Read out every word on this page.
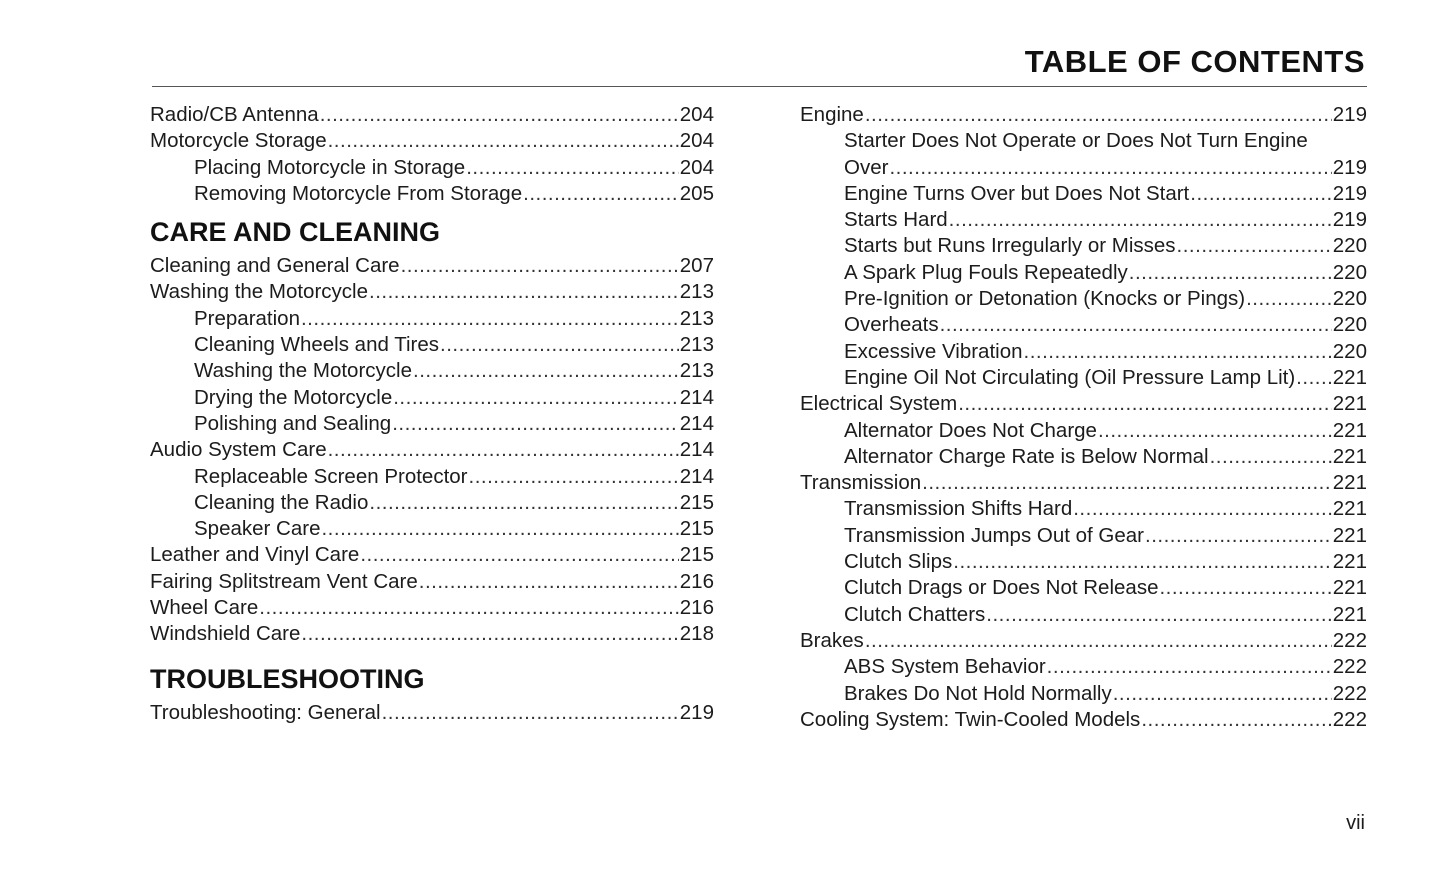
TABLE OF CONTENTS
Radio/CB Antenna .....	204
Motorcycle Storage .....	204
Placing Motorcycle in Storage .....	204
Removing Motorcycle From Storage .....	205
CARE AND CLEANING
Cleaning and General Care .....	207
Washing the Motorcycle .....	213
Preparation .....	213
Cleaning Wheels and Tires .....	213
Washing the Motorcycle .....	213
Drying the Motorcycle .....	214
Polishing and Sealing .....	214
Audio System Care .....	214
Replaceable Screen Protector .....	214
Cleaning the Radio .....	215
Speaker Care .....	215
Leather and Vinyl Care .....	215
Fairing Splitstream Vent Care .....	216
Wheel Care .....	216
Windshield Care .....	218
TROUBLESHOOTING
Troubleshooting: General .....	219
Engine .....	219
Starter Does Not Operate or Does Not Turn Engine
Over .....	219
Engine Turns Over but Does Not Start .....	219
Starts Hard .....	219
Starts but Runs Irregularly or Misses .....	220
A Spark Plug Fouls Repeatedly .....	220
Pre-Ignition or Detonation (Knocks or Pings) .....	220
Overheats .....	220
Excessive Vibration .....	220
Engine Oil Not Circulating (Oil Pressure Lamp Lit) ..... 221
Electrical System .....	221
Alternator Does Not Charge .....	221
Alternator Charge Rate is Below Normal .....	221
Transmission .....	221
Transmission Shifts Hard .....	221
Transmission Jumps Out of Gear .....	221
Clutch Slips .....	221
Clutch Drags or Does Not Release .....	221
Clutch Chatters .....	221
Brakes .....	222
ABS System Behavior .....	222
Brakes Do Not Hold Normally .....	222
Cooling System: Twin-Cooled Models .....	222
vii
